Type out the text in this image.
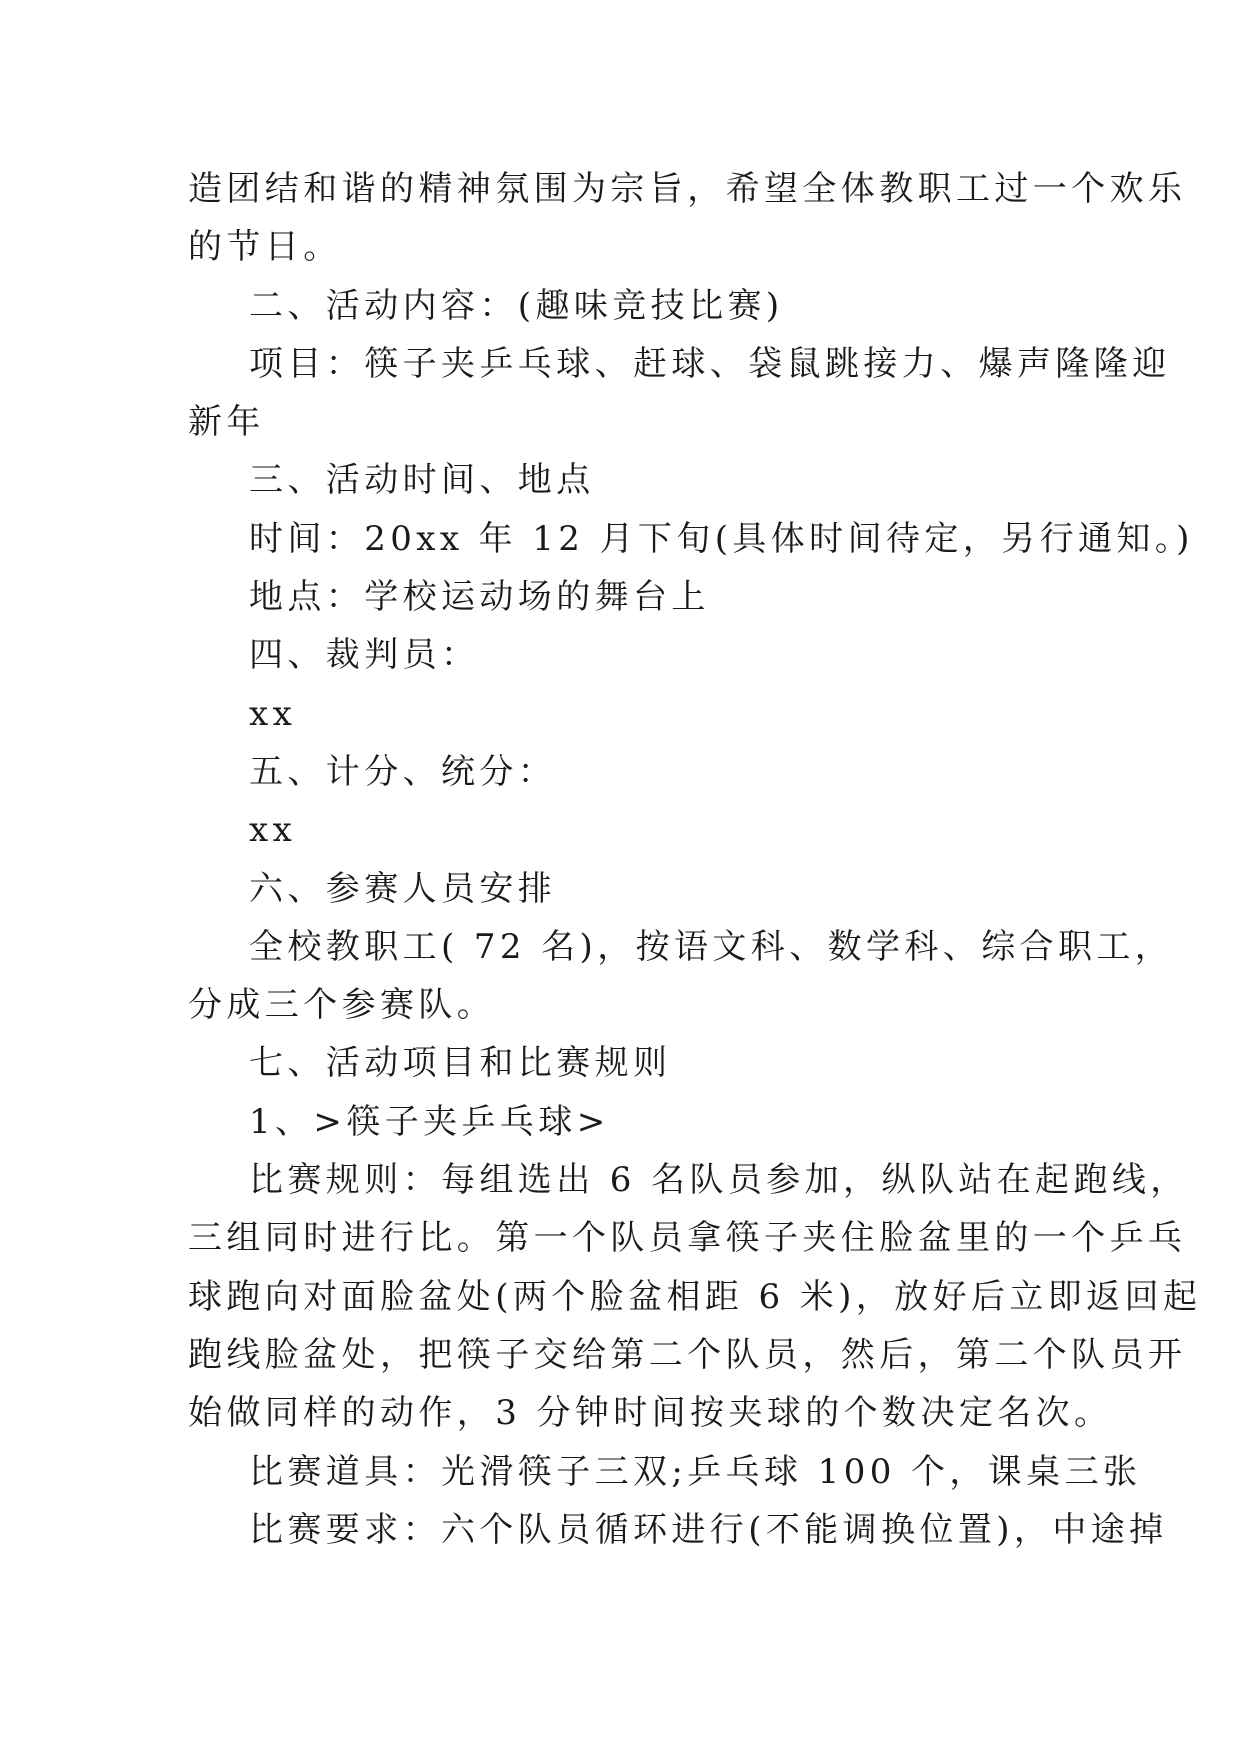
造团结和谐的精神氛围为宗旨，希望全体教职工过一个欢乐
的节日。
二、活动内容：(趣味竞技比赛)
项目：筷子夹乒乓球、赶球、袋鼠跳接力、爆声隆隆迎
新年
三、活动时间、地点
时间：20xx 年 12 月下旬(具体时间待定，另行通知。)
地点：学校运动场的舞台上
四、裁判员：
xx
五、计分、统分：
xx
六、参赛人员安排
全校教职工( 72 名)，按语文科、数学科、综合职工，
分成三个参赛队。
七、活动项目和比赛规则
1、>筷子夹乒乓球>
比赛规则：每组选出 6 名队员参加，纵队站在起跑线，
三组同时进行比。第一个队员拿筷子夹住脸盆里的一个乒乓
球跑向对面脸盆处(两个脸盆相距 6 米)，放好后立即返回起
跑线脸盆处，把筷子交给第二个队员，然后，第二个队员开
始做同样的动作，3 分钟时间按夹球的个数决定名次。
比赛道具：光滑筷子三双;乒乓球 100 个，课桌三张
比赛要求：六个队员循环进行(不能调换位置)，中途掉
